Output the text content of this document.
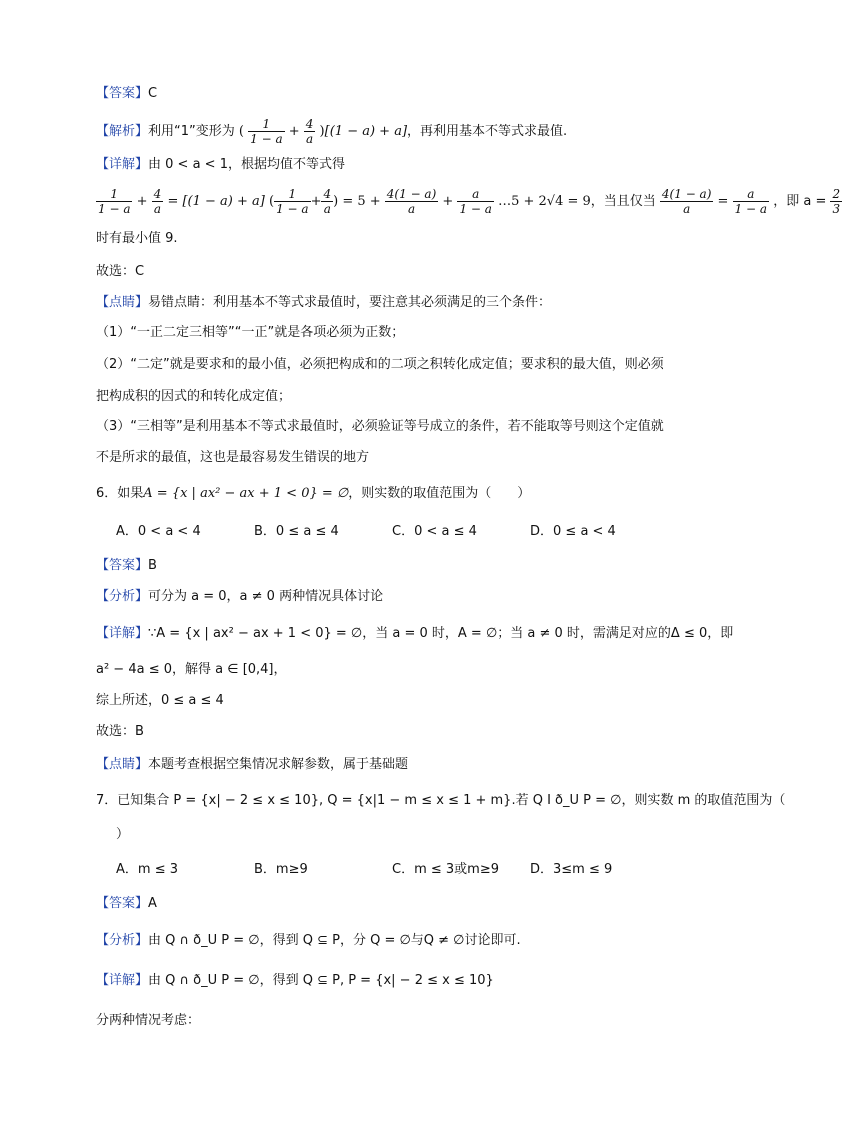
【答案】C
【解析】利用“1”变形为 ( $\frac{1}{1 - a} + \frac{4}{a} )[(1 - a) + a]$，再利用基本不等式求最值.
【详解】由 0 < a < 1，根据均值不等式得
$\frac{1}{1 - a} + \frac{4}{a} = [(1 - a) + a]$ ( $\frac{1}{1 - a} + \frac{4}{a}$ ) = $5 + \frac{4(1 - a)}{a} + \frac{a}{1 - a}$ …5 + 2√4 = 9，当且仅当 $\frac{4(1 - a)}{a} = \frac{a}{1 - a}$ ，即 $a = \frac{2}{3}$
时有最小值 9.
故选：C
【点睛】易错点睛：利用基本不等式求最值时，要注意其必须满足的三个条件：
（1）“一正二定三相等”“一正”就是各项必须为正数；
（2）“二定”就是要求和的最小值，必须把构成和的二项之积转化成定值；要求积的最大值，则必须
把构成积的因式的和转化成定值；
（3）“三相等”是利用基本不等式求最值时，必须验证等号成立的条件，若不能取等号则这个定值就
不是所求的最值，这也是最容易发生错误的地方
6．如果A = {x | ax² − ax + 1 < 0} = ∅，则实数的取值范围为（　　）
A．0 < a < 4	B．0 ≤ a ≤ 4	C．0 < a ≤ 4	D．0 ≤ a < 4
【答案】B
【分析】可分为 a = 0，a ≠ 0 两种情况具体讨论
【详解】∵A = {x | ax² − ax + 1 < 0} = ∅，当 a = 0 时，A = ∅；当 a ≠ 0 时，需满足对应的Δ ≤ 0，即
a² − 4a ≤ 0，解得 a ∈ [0,4]，
综上所述，0 ≤ a ≤ 4
故选：B
【点睛】本题考查根据空集情况求解参数，属于基础题
7．已知集合 P = {x| − 2 ≤ x ≤ 10}, Q = {x|1 − m ≤ x ≤ 1 + m}.若 Q I ð_U P = ∅，则实数 m 的取值范围为（
）
A．m ≤ 3	B．m≥9	C．m ≤ 3或m≥9 D．3≤m ≤ 9
【答案】A
【分析】由 Q ∩ ð_U P = ∅，得到 Q ⊆ P，分 Q = ∅与Q ≠ ∅讨论即可.
【详解】由 Q ∩ ð_U P = ∅，得到 Q ⊆ P, P = {x| − 2 ≤ x ≤ 10}
分两种情况考虑：
